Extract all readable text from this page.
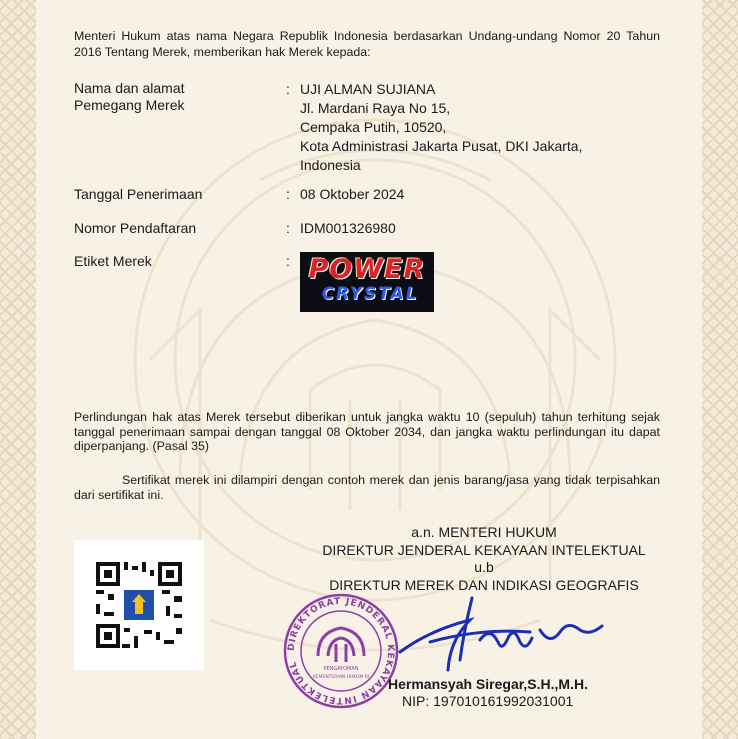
Menteri Hukum atas nama Negara Republik Indonesia berdasarkan Undang-undang Nomor 20 Tahun 2016 Tentang Merek, memberikan hak Merek kepada:
Nama dan alamat
Pemegang Merek
: UJI ALMAN SUJIANA
Jl. Mardani Raya No 15,
Cempaka Putih, 10520,
Kota Administrasi Jakarta Pusat, DKI Jakarta,
Indonesia
Tanggal Penerimaan	: 08 Oktober 2024
Nomor Pendaftaran	: IDM001326980
Etiket Merek	: POWER
CRYSTAL
Perlindungan hak atas Merek tersebut diberikan untuk jangka waktu 10 (sepuluh) tahun terhitung sejak tanggal penerimaan sampai dengan tanggal 08 Oktober 2034, dan jangka waktu perlindungan itu dapat diperpanjang. (Pasal 35)
Sertifikat merek ini dilampiri dengan contoh merek dan jenis barang/jasa yang tidak terpisahkan dari sertifikat ini.
a.n. MENTERI HUKUM
DIREKTUR JENDERAL KEKAYAAN INTELEKTUAL
u.b
DIREKTUR MEREK DAN INDIKASI GEOGRAFIS
DIREKTORAT JENDERAL KEKAYAAN INTELEKTUAL
PENGAYOMAN
KEMENTERIAN HUKUM RI Hermansyah Siregar,S.H.,M.H.
NIP: 197010161992031001
